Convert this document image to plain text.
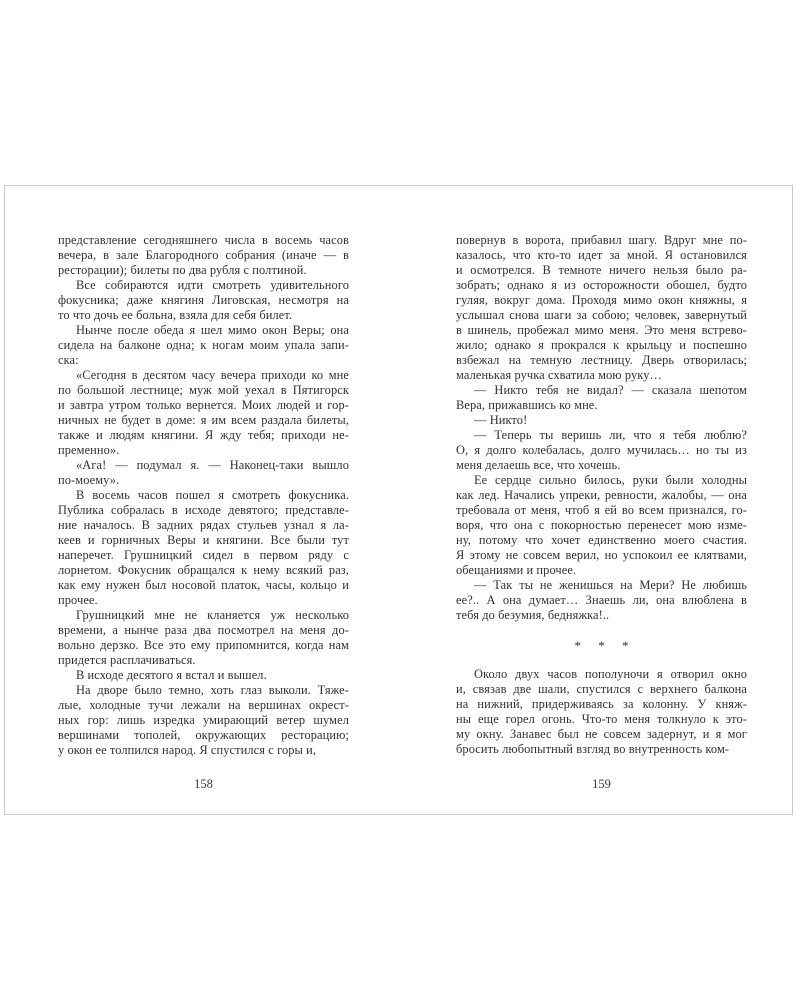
представление сегодняшнего числа в восемь часов
вечера, в зале Благородного собрания (иначе — в
ресторации); билеты по два рубля с полтиной.
Все собираются идти смотреть удивительного
фокусника; даже княгиня Лиговская, несмотря на
то что дочь ее больна, взяла для себя билет.
Нынче после обеда я шел мимо окон Веры; она
сидела на балконе одна; к ногам моим упала запи-
ска:
«Сегодня в десятом часу вечера приходи ко мне
по большой лестнице; муж мой уехал в Пятигорск
и завтра утром только вернется. Моих людей и гор-
ничных не будет в доме: я им всем раздала билеты,
также и людям княгини. Я жду тебя; приходи не-
пременно».
«Ага! — подумал я. — Наконец-таки вышло
по-моему».
В восемь часов пошел я смотреть фокусника.
Публика собралась в исходе девятого; представле-
ние началось. В задних рядах стульев узнал я ла-
кеев и горничных Веры и княгини. Все были тут
наперечет. Грушницкий сидел в первом ряду с
лорнетом. Фокусник обращался к нему всякий раз,
как ему нужен был носовой платок, часы, кольцо и
прочее.
Грушницкий мне не кланяется уж несколько
времени, а нынче раза два посмотрел на меня до-
вольно дерзко. Все это ему припомнится, когда нам
придется расплачиваться.
В исходе десятого я встал и вышел.
На дворе было темно, хоть глаз выколи. Тяже-
лые, холодные тучи лежали на вершинах окрест-
ных гор: лишь изредка умирающий ветер шумел
вершинами тополей, окружающих ресторацию;
у окон ее толпился народ. Я спустился с горы и,
повернув в ворота, прибавил шагу. Вдруг мне по-
казалось, что кто-то идет за мной. Я остановился
и осмотрелся. В темноте ничего нельзя было ра-
зобрать; однако я из осторожности обошел, будто
гуляя, вокруг дома. Проходя мимо окон княжны, я
услышал снова шаги за собою; человек, завернутый
в шинель, пробежал мимо меня. Это меня встрево-
жило; однако я прокрался к крыльцу и поспешно
взбежал на темную лестницу. Дверь отворилась;
маленькая ручка схватила мою руку…
— Никто тебя не видал? — сказала шепотом
Вера, прижавшись ко мне.
— Никто!
— Теперь ты веришь ли, что я тебя люблю?
О, я долго колебалась, долго мучилась… но ты из
меня делаешь все, что хочешь.
Ее сердце сильно билось, руки были холодны
как лед. Начались упреки, ревности, жалобы, — она
требовала от меня, чтоб я ей во всем признался, го-
воря, что она с покорностью перенесет мою изме-
ну, потому что хочет единственно моего счастия.
Я этому не совсем верил, но успокоил ее клятвами,
обещаниями и прочее.
— Так ты не женишься на Мери? Не любишь
ее?.. А она думает… Знаешь ли, она влюблена в
тебя до безумия, бедняжка!..
* * *
Около двух часов пополуночи я отворил окно
и, связав две шали, спустился с верхнего балкона
на нижний, придерживаясь за колонну. У княж-
ны еще горел огонь. Что-то меня толкнуло к это-
му окну. Занавес был не совсем задернут, и я мог
бросить любопытный взгляд во внутренность ком-
158	159
